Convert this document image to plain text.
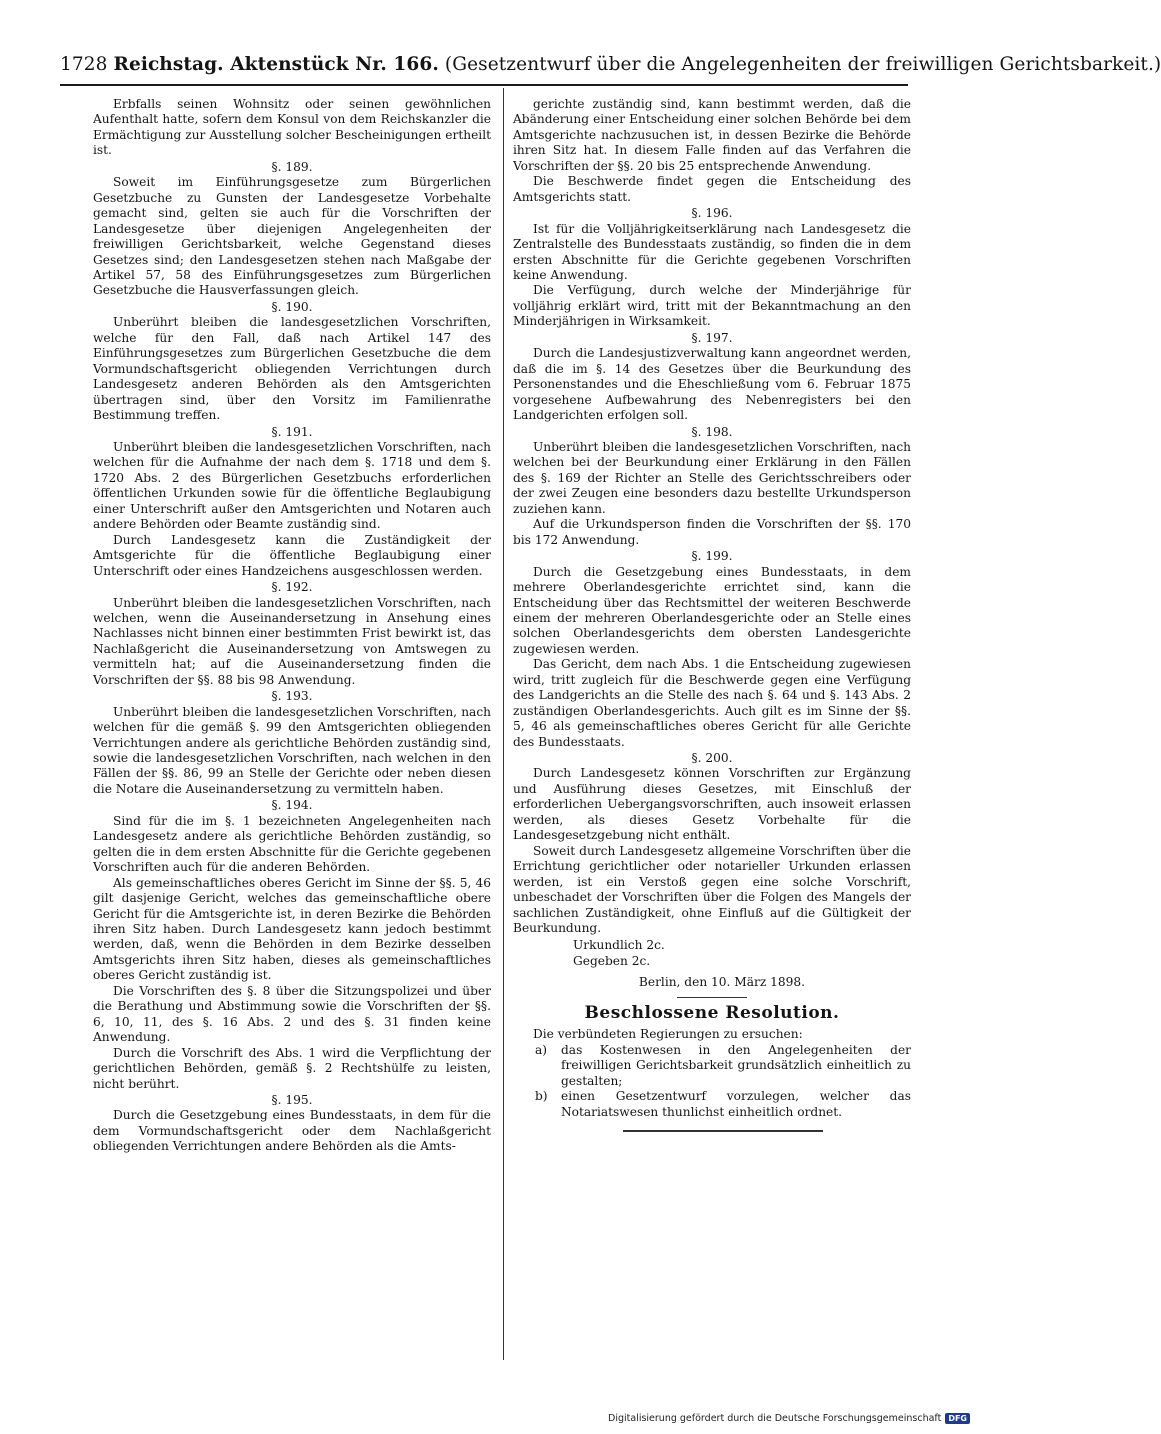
1728 Reichstag. Aktenstück Nr. 166. (Gesetzentwurf über die Angelegenheiten der freiwilligen Gerichtsbarkeit.)

Erbfalls seinen Wohnsitz oder seinen gewöhnlichen Aufenthalt hatte, sofern dem Konsul von dem Reichskanzler die Ermächtigung zur Ausstellung solcher Bescheinigungen ertheilt ist.

§. 189.

Soweit im Einführungsgesetze zum Bürgerlichen Gesetzbuche zu Gunsten der Landesgesetze Vorbehalte gemacht sind, gelten sie auch für die Vorschriften der Landesgesetze über diejenigen Angelegenheiten der freiwilligen Gerichtsbarkeit, welche Gegenstand dieses Gesetzes sind; den Landesgesetzen stehen nach Maßgabe der Artikel 57, 58 des Einführungsgesetzes zum Bürgerlichen Gesetzbuche die Hausverfassungen gleich.

§. 190.

Unberührt bleiben die landesgesetzlichen Vorschriften, welche für den Fall, daß nach Artikel 147 des Einführungsgesetzes zum Bürgerlichen Gesetzbuche die dem Vormundschaftsgericht obliegenden Verrichtungen durch Landesgesetz anderen Behörden als den Amtsgerichten übertragen sind, über den Vorsitz im Familienrathe Bestimmung treffen.

§. 191.

Unberührt bleiben die landesgesetzlichen Vorschriften, nach welchen für die Aufnahme der nach dem §. 1718 und dem §. 1720 Abs. 2 des Bürgerlichen Gesetzbuchs erforderlichen öffentlichen Urkunden sowie für die öffentliche Beglaubigung einer Unterschrift außer den Amtsgerichten und Notaren auch andere Behörden oder Beamte zuständig sind.

Durch Landesgesetz kann die Zuständigkeit der Amtsgerichte für die öffentliche Beglaubigung einer Unterschrift oder eines Handzeichens ausgeschlossen werden.

§. 192.

Unberührt bleiben die landesgesetzlichen Vorschriften, nach welchen, wenn die Auseinandersetzung in Ansehung eines Nachlasses nicht binnen einer bestimmten Frist bewirkt ist, das Nachlaßgericht die Auseinandersetzung von Amtswegen zu vermitteln hat; auf die Auseinandersetzung finden die Vorschriften der §§. 88 bis 98 Anwendung.

§. 193.

Unberührt bleiben die landesgesetzlichen Vorschriften, nach welchen für die gemäß §. 99 den Amtsgerichten obliegenden Verrichtungen andere als gerichtliche Behörden zuständig sind, sowie die landesgesetzlichen Vorschriften, nach welchen in den Fällen der §§. 86, 99 an Stelle der Gerichte oder neben diesen die Notare die Auseinandersetzung zu vermitteln haben.

§. 194.

Sind für die im §. 1 bezeichneten Angelegenheiten nach Landesgesetz andere als gerichtliche Behörden zuständig, so gelten die in dem ersten Abschnitte für die Gerichte gegebenen Vorschriften auch für die anderen Behörden.

Als gemeinschaftliches oberes Gericht im Sinne der §§. 5, 46 gilt dasjenige Gericht, welches das gemeinschaftliche obere Gericht für die Amtsgerichte ist, in deren Bezirke die Behörden ihren Sitz haben. Durch Landesgesetz kann jedoch bestimmt werden, daß, wenn die Behörden in dem Bezirke desselben Amtsgerichts ihren Sitz haben, dieses als gemeinschaftliches oberes Gericht zuständig ist.

Die Vorschriften des §. 8 über die Sitzungspolizei und über die Berathung und Abstimmung sowie die Vorschriften der §§. 6, 10, 11, des §. 16 Abs. 2 und des §. 31 finden keine Anwendung.

Durch die Vorschrift des Abs. 1 wird die Verpflichtung der gerichtlichen Behörden, gemäß §. 2 Rechtshülfe zu leisten, nicht berührt.

§. 195.

Durch die Gesetzgebung eines Bundesstaats, in dem für die dem Vormundschaftsgericht oder dem Nachlaßgericht obliegenden Verrichtungen andere Behörden als die Amts-

gerichte zuständig sind, kann bestimmt werden, daß die Abänderung einer Entscheidung einer solchen Behörde bei dem Amtsgerichte nachzusuchen ist, in dessen Bezirke die Behörde ihren Sitz hat. In diesem Falle finden auf das Verfahren die Vorschriften der §§. 20 bis 25 entsprechende Anwendung.

Die Beschwerde findet gegen die Entscheidung des Amtsgerichts statt.

§. 196.

Ist für die Volljährigkeitserklärung nach Landesgesetz die Zentralstelle des Bundesstaats zuständig, so finden die in dem ersten Abschnitte für die Gerichte gegebenen Vorschriften keine Anwendung.

Die Verfügung, durch welche der Minderjährige für volljährig erklärt wird, tritt mit der Bekanntmachung an den Minderjährigen in Wirksamkeit.

§. 197.

Durch die Landesjustizverwaltung kann angeordnet werden, daß die im §. 14 des Gesetzes über die Beurkundung des Personenstandes und die Eheschließung vom 6. Februar 1875 vorgesehene Aufbewahrung des Nebenregisters bei den Landgerichten erfolgen soll.

§. 198.

Unberührt bleiben die landesgesetzlichen Vorschriften, nach welchen bei der Beurkundung einer Erklärung in den Fällen des §. 169 der Richter an Stelle des Gerichtsschreibers oder der zwei Zeugen eine besonders dazu bestellte Urkundsperson zuziehen kann.

Auf die Urkundsperson finden die Vorschriften der §§. 170 bis 172 Anwendung.

§. 199.

Durch die Gesetzgebung eines Bundesstaats, in dem mehrere Oberlandesgerichte errichtet sind, kann die Entscheidung über das Rechtsmittel der weiteren Beschwerde einem der mehreren Oberlandesgerichte oder an Stelle eines solchen Oberlandesgerichts dem obersten Landesgerichte zugewiesen werden.

Das Gericht, dem nach Abs. 1 die Entscheidung zugewiesen wird, tritt zugleich für die Beschwerde gegen eine Verfügung des Landgerichts an die Stelle des nach §. 64 und §. 143 Abs. 2 zuständigen Oberlandesgerichts. Auch gilt es im Sinne der §§. 5, 46 als gemeinschaftliches oberes Gericht für alle Gerichte des Bundesstaats.

§. 200.

Durch Landesgesetz können Vorschriften zur Ergänzung und Ausführung dieses Gesetzes, mit Einschluß der erforderlichen Uebergangsvorschriften, auch insoweit erlassen werden, als dieses Gesetz Vorbehalte für die Landesgesetzgebung nicht enthält.

Soweit durch Landesgesetz allgemeine Vorschriften über die Errichtung gerichtlicher oder notarieller Urkunden erlassen werden, ist ein Verstoß gegen eine solche Vorschrift, unbeschadet der Vorschriften über die Folgen des Mangels der sachlichen Zuständigkeit, ohne Einfluß auf die Gültigkeit der Beurkundung.

Urkundlich 2c.

Gegeben 2c.

Berlin, den 10. März 1898.

Beschlossene Resolution.

Die verbündeten Regierungen zu ersuchen:

a)	das Kostenwesen in den Angelegenheiten der freiwilligen Gerichtsbarkeit grundsätzlich einheitlich zu gestalten;
b)	einen Gesetzentwurf vorzulegen, welcher das Notariatswesen thunlichst einheitlich ordnet.
Digitalisierung gefördert durch die Deutsche Forschungsgemeinschaft DFG
